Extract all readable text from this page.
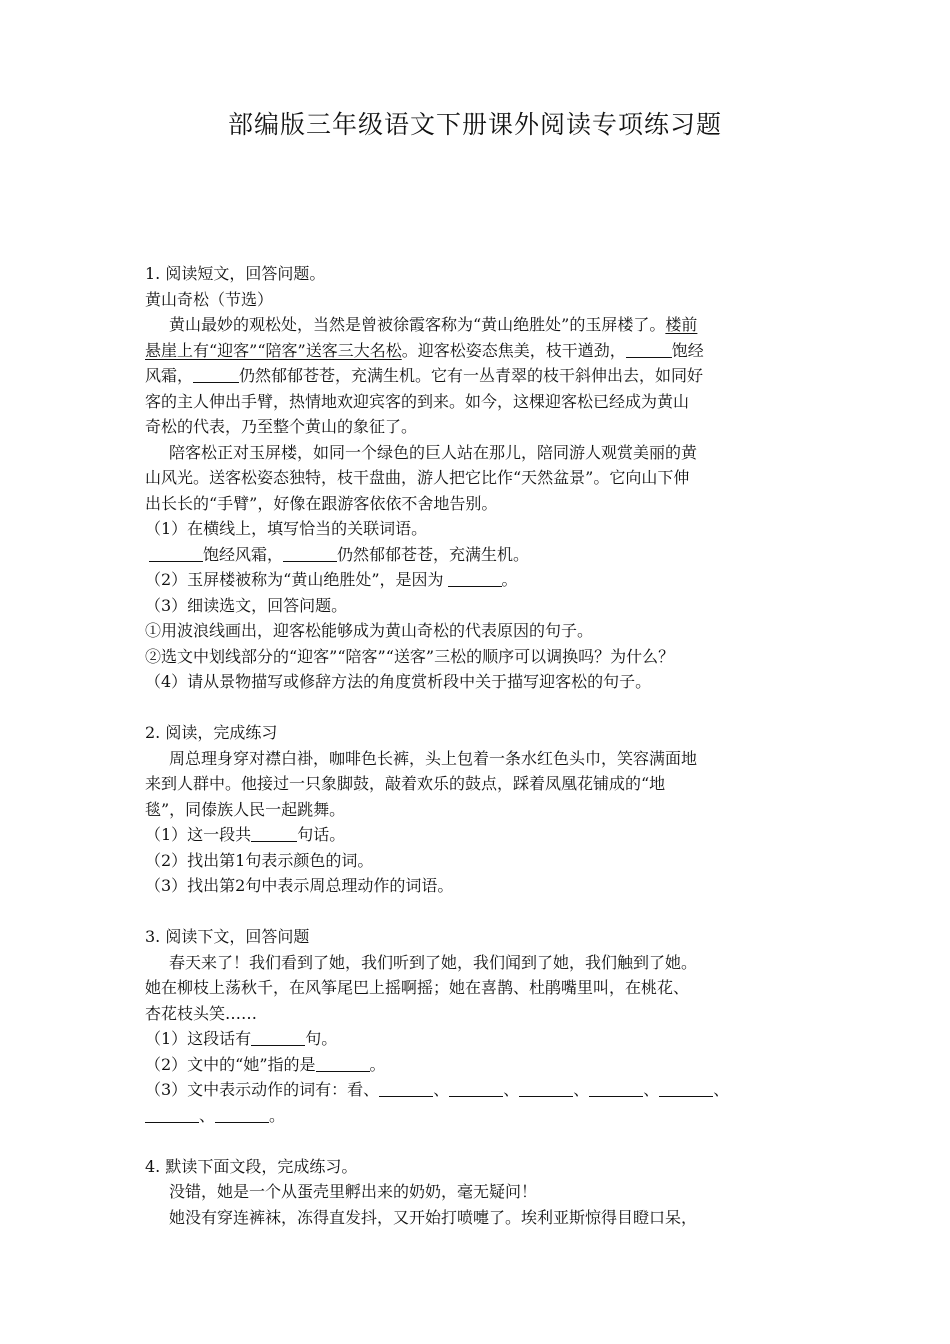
部编版三年级语文下册课外阅读专项练习题
1. 阅读短文，回答问题。
黄山奇松（节选）
黄山最妙的观松处，当然是曾被徐霞客称为“黄山绝胜处”的玉屏楼了。楼前
悬崖上有“迎客”“陪客”送客三大名松。迎客松姿态焦美，枝干遒劲，	饱经
风霜，	仍然郁郁苍苍，充满生机。它有一丛青翠的枝干斜伸出去，如同好
客的主人伸出手臂，热情地欢迎宾客的到来。如今，这棵迎客松已经成为黄山
奇松的代表，乃至整个黄山的象征了。
陪客松正对玉屏楼，如同一个绿色的巨人站在那儿，陪同游人观赏美丽的黄
山风光。送客松姿态独特，枝干盘曲，游人把它比作“天然盆景”。它向山下伸
出长长的“手臂”，好像在跟游客依依不舍地告别。
（1）在横线上，填写恰当的关联词语。
饱经风霜，	仍然郁郁苍苍，充满生机。
（2）玉屏楼被称为“黄山绝胜处”，是因为	。
（3）细读选文，回答问题。
①用波浪线画出，迎客松能够成为黄山奇松的代表原因的句子。
②选文中划线部分的“迎客”“陪客”“送客”三松的顺序可以调换吗？为什么？
（4）请从景物描写或修辞方法的角度赏析段中关于描写迎客松的句子。
2. 阅读，完成练习
周总理身穿对襟白褂，咖啡色长裤，头上包着一条水红色头巾，笑容满面地
来到人群中。他接过一只象脚鼓，敲着欢乐的鼓点，踩着凤凰花铺成的“地
毯”，同傣族人民一起跳舞。
（1）这一段共	句话。
（2）找出第1句表示颜色的词。
（3）找出第2句中表示周总理动作的词语。
3. 阅读下文，回答问题
春天来了！我们看到了她，我们听到了她，我们闻到了她，我们触到了她。
她在柳枝上荡秋千，在风筝尾巴上摇啊摇；她在喜鹊、杜鹃嘴里叫，在桃花、
杏花枝头笑……
（1）这段话有	句。
（2）文中的“她”指的是	。
（3）文中表示动作的词有：看、	、	、	、	、	、
、	。
4. 默读下面文段，完成练习。
没错，她是一个从蛋壳里孵出来的奶奶，毫无疑问！
她没有穿连裤袜，冻得直发抖，又开始打喷嚏了。埃利亚斯惊得目瞪口呆，
